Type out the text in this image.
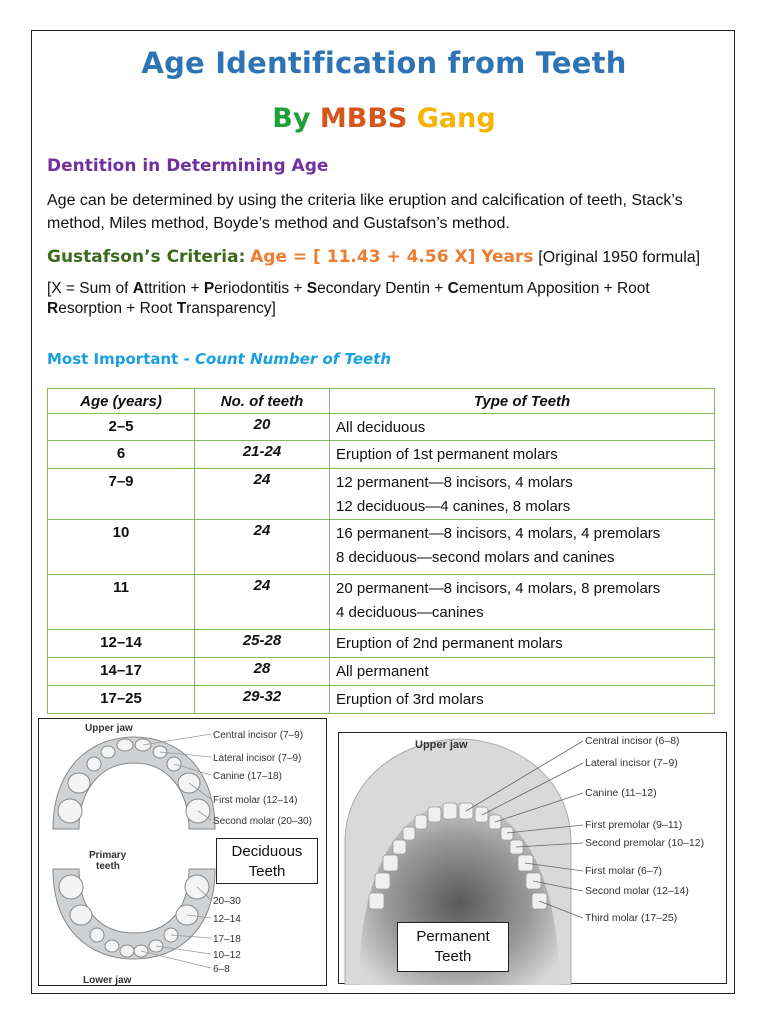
Age Identification from Teeth

By MBBS Gang

Dentition in Determining Age

Age can be determined by using the criteria like eruption and calcification of teeth, Stack’s method, Miles method, Boyde’s method and Gustafson’s method.

Gustafson’s Criteria: Age = [ 11.43 + 4.56 X] Years [Original 1950 formula]

[X = Sum of Attrition + Periodontitis + Secondary Dentin + Cementum Apposition + Root Resorption + Root Transparency]

Most Important - Count Number of Teeth

Age (years)	No. of teeth	Type of Teeth
2–5	20	All deciduous

6	21-24	Eruption of 1st permanent molars

7–9	24	12 permanent—8 incisors, 4 molars
12 deciduous—4 canines, 8 molars

10	24	16 permanent—8 incisors, 4 molars, 4 premolars
8 deciduous—second molars and canines

11	24	20 permanent—8 incisors, 4 molars, 8 premolars
4 deciduous—canines

12–14	25-28	Eruption of 2nd permanent molars

14–17	28	All permanent

17–25	29-32	Eruption of 3rd molars
Upper jaw
Lower jaw
Primary
teeth
Central incisor (7–9)
Lateral incisor (7–9)
Canine (17–18)
First molar (12–14)
Second molar (20–30)
20–30
12–14
17–18
10–12
6–8
Deciduous
Teeth
Upper jaw	Central incisor (6–8)
Lateral incisor (7–9)
Canine (11–12)
First premolar (9–11)
Second premolar (10–12)
First molar (6–7)
Second molar (12–14)
Third molar (17–25)
Permanent
Teeth
